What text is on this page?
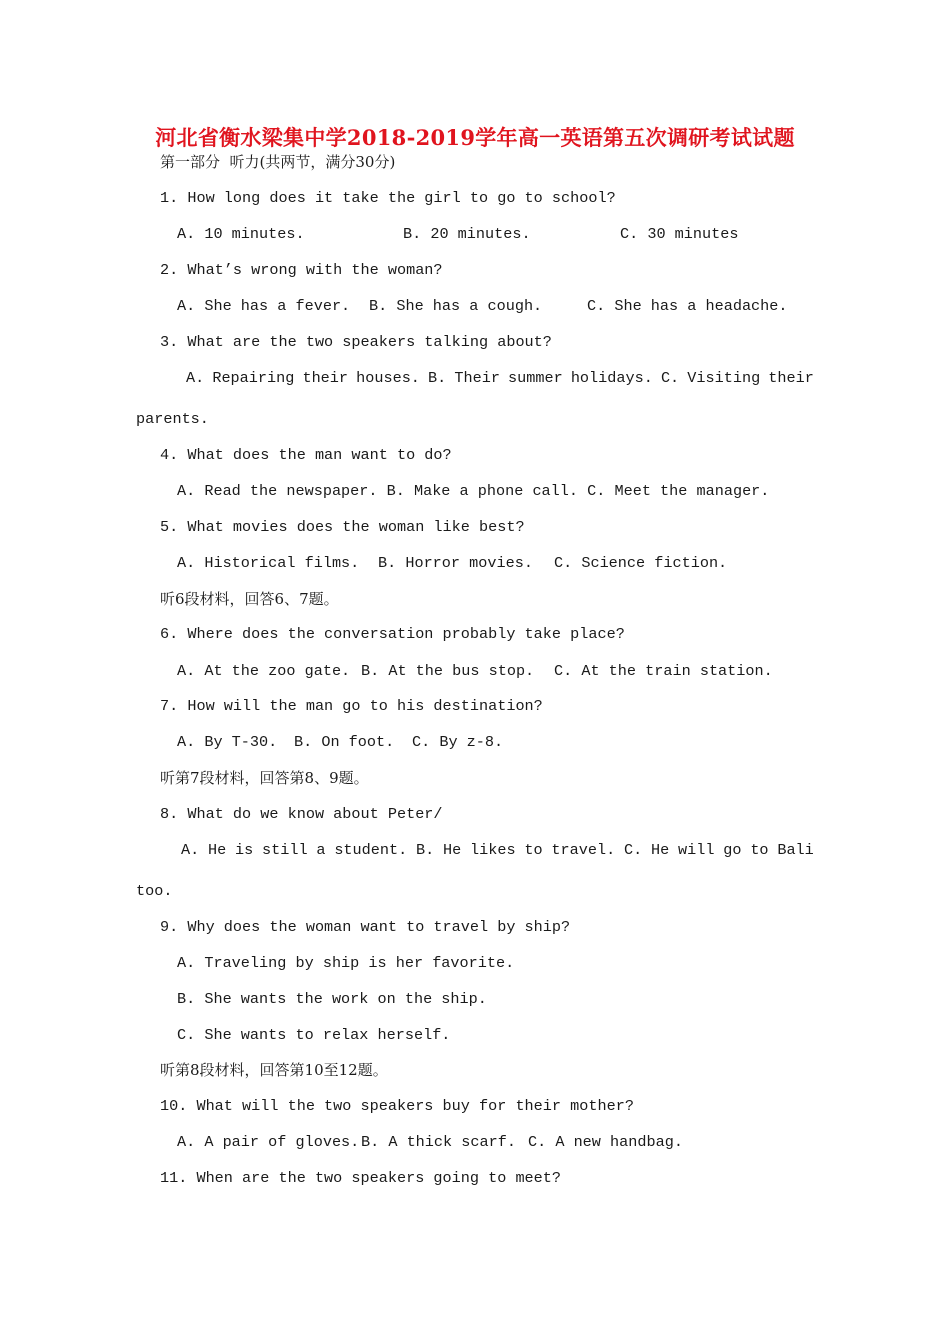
河北省衡水梁集中学2018-2019学年高一英语第五次调研考试试题
第一部分  听力(共两节，满分30分)
1. How long does it take the girl to go to school?
A. 10 minutes.	B. 20 minutes.	C. 30 minutes
2. What’s wrong with the woman?
A. She has a fever. B. She has a cough.	C. She has a headache.
3. What are the two speakers talking about?
A. Repairing their houses. B. Their summer holidays. C. Visiting their
parents.
4. What does the man want to do?
A. Read the newspaper. B. Make a phone call. C. Meet the manager.
5. What movies does the woman like best?
A. Historical films. B. Horror movies. C. Science fiction.
听6段材料，回答6、7题。
6. Where does the conversation probably take place?
A. At the zoo gate. B. At the bus stop. C. At the train station.
7. How will the man go to his destination?
A. By T-30. B. On foot. C. By z-8.
听第7段材料，回答第8、9题。
8. What do we know about Peter/
A. He is still a student. B. He likes to travel. C. He will go to Bali
too.
9. Why does the woman want to travel by ship?
A. Traveling by ship is her favorite.
B. She wants the work on the ship.
C. She wants to relax herself.
听第8段材料，回答第10至12题。
10. What will the two speakers buy for their mother?
A. A pair of gloves. B. A thick scarf. C. A new handbag.
11. When are the two speakers going to meet?
